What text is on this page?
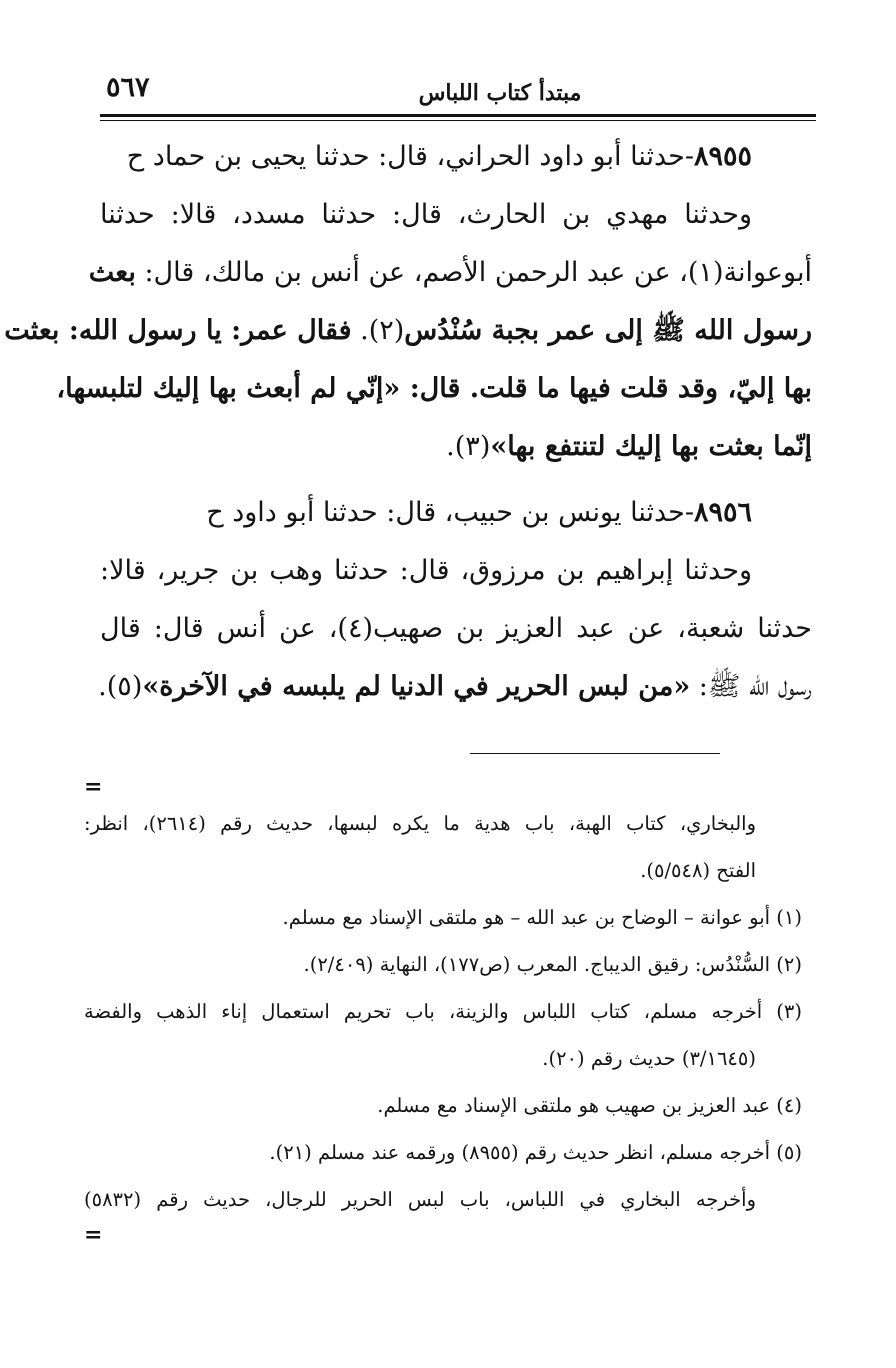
٥٦٧	مبتدأ كتاب اللباس
٨٩٥٥-حدثنا أبو داود الحراني، قال: حدثنا يحيى بن حماد ح
وحدثنا مهدي بن الحارث، قال: حدثنا مسدد، قالا: حدثنا
أبوعوانة(١)، عن عبد الرحمن الأصم، عن أنس بن مالك، قال: بعث
رسول الله ﷺ إلى عمر بجبة سُنْدُس(٢). فقال عمر: يا رسول الله: بعثت
بها إليّ، وقد قلت فيها ما قلت. قال: «إنّي لم أبعث بها إليك لتلبسها،
إنّما بعثت بها إليك لتنتفع بها»(٣).
٨٩٥٦-حدثنا يونس بن حبيب، قال: حدثنا أبو داود ح
وحدثنا إبراهيم بن مرزوق، قال: حدثنا وهب بن جرير، قالا:
حدثنا شعبة، عن عبد العزيز بن صهيب(٤)، عن أنس قال: قال
رسول الله ﷺ: «من لبس الحرير في الدنيا لم يلبسه في الآخرة»(٥).
=
والبخاري، كتاب الهبة، باب هدية ما يكره لبسها، حديث رقم (٢٦١٤)، انظر:
الفتح (٥/٥٤٨).
(١) أبو عوانة – الوضاح بن عبد الله – هو ملتقى الإسناد مع مسلم.
(٢) السُّنْدُس: رقيق الديباج. المعرب (ص١٧٧)، النهاية (٢/٤٠٩).
(٣) أخرجه مسلم، كتاب اللباس والزينة، باب تحريم استعمال إناء الذهب والفضة
(٣/١٦٤٥) حديث رقم (٢٠).
(٤) عبد العزيز بن صهيب هو ملتقى الإسناد مع مسلم.
(٥) أخرجه مسلم، انظر حديث رقم (٨٩٥٥) ورقمه عند مسلم (٢١).
وأخرجه البخاري في اللباس، باب لبس الحرير للرجال، حديث رقم (٥٨٣٢)
=
